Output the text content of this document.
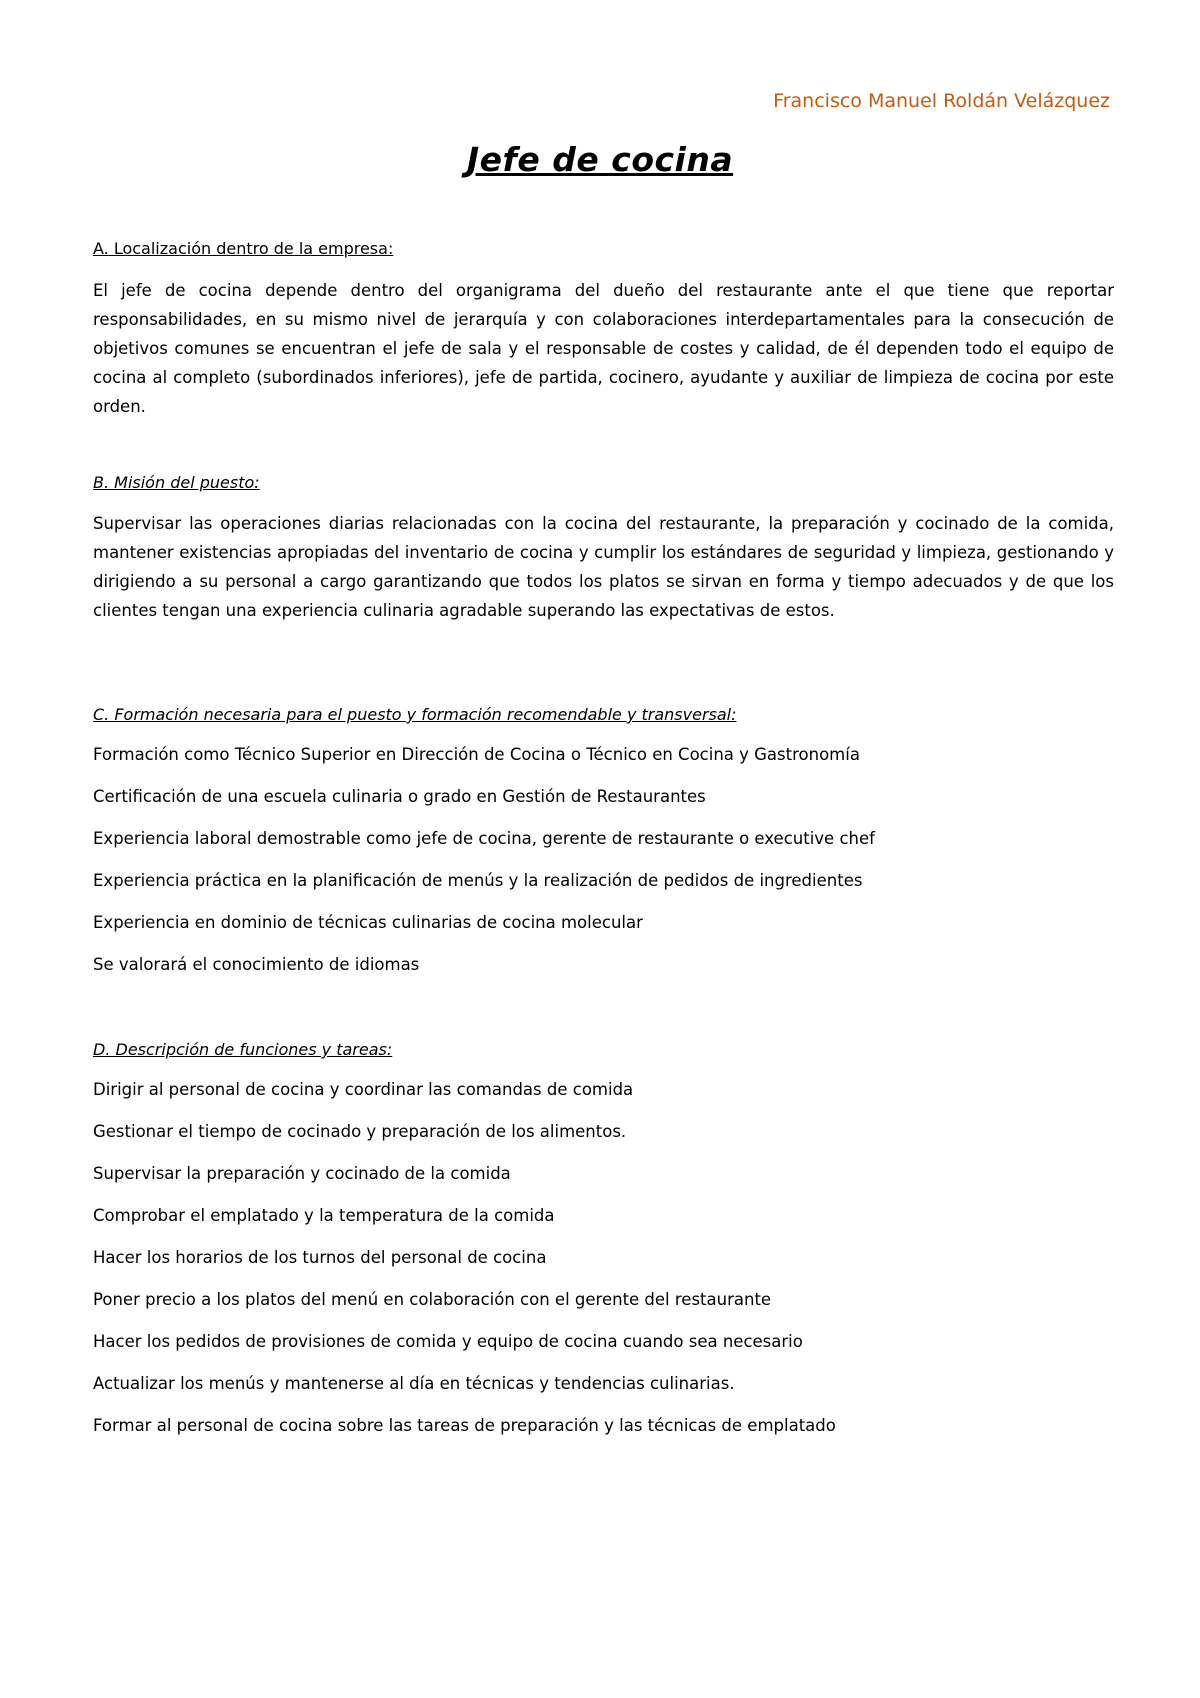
Francisco Manuel Roldán Velázquez
Jefe de cocina
A. Localización dentro de la empresa:
El jefe de cocina depende dentro del organigrama del dueño del restaurante ante el que tiene que reportar responsabilidades, en su mismo nivel de jerarquía y con colaboraciones interdepartamentales para la consecución de objetivos comunes se encuentran el jefe de sala y el responsable de costes y calidad, de él dependen todo el equipo de cocina al completo (subordinados inferiores), jefe de partida, cocinero, ayudante y auxiliar de limpieza de cocina por este orden.
B. Misión del puesto:
Supervisar las operaciones diarias relacionadas con la cocina del restaurante, la preparación y cocinado de la comida, mantener existencias apropiadas del inventario de cocina y cumplir los estándares de seguridad y limpieza, gestionando y dirigiendo a su personal a cargo garantizando que todos los platos se sirvan en forma y tiempo adecuados y de que los clientes tengan una experiencia culinaria agradable superando las expectativas de estos.
C. Formación necesaria para el puesto y formación recomendable y transversal:
Formación como Técnico Superior en Dirección de Cocina o Técnico en Cocina y Gastronomía
Certificación de una escuela culinaria o grado en Gestión de Restaurantes
Experiencia laboral demostrable como jefe de cocina, gerente de restaurante o executive chef
Experiencia práctica en la planificación de menús y la realización de pedidos de ingredientes
Experiencia en dominio de técnicas culinarias de cocina molecular
Se valorará el conocimiento de idiomas
D. Descripción de funciones y tareas:
Dirigir al personal de cocina y coordinar las comandas de comida
Gestionar el tiempo de cocinado y preparación de los alimentos.
Supervisar la preparación y cocinado de la comida
Comprobar el emplatado y la temperatura de la comida
Hacer los horarios de los turnos del personal de cocina
Poner precio a los platos del menú en colaboración con el gerente del restaurante
Hacer los pedidos de provisiones de comida y equipo de cocina cuando sea necesario
Actualizar los menús y mantenerse al día en técnicas y tendencias culinarias.
Formar al personal de cocina sobre las tareas de preparación y las técnicas de emplatado
